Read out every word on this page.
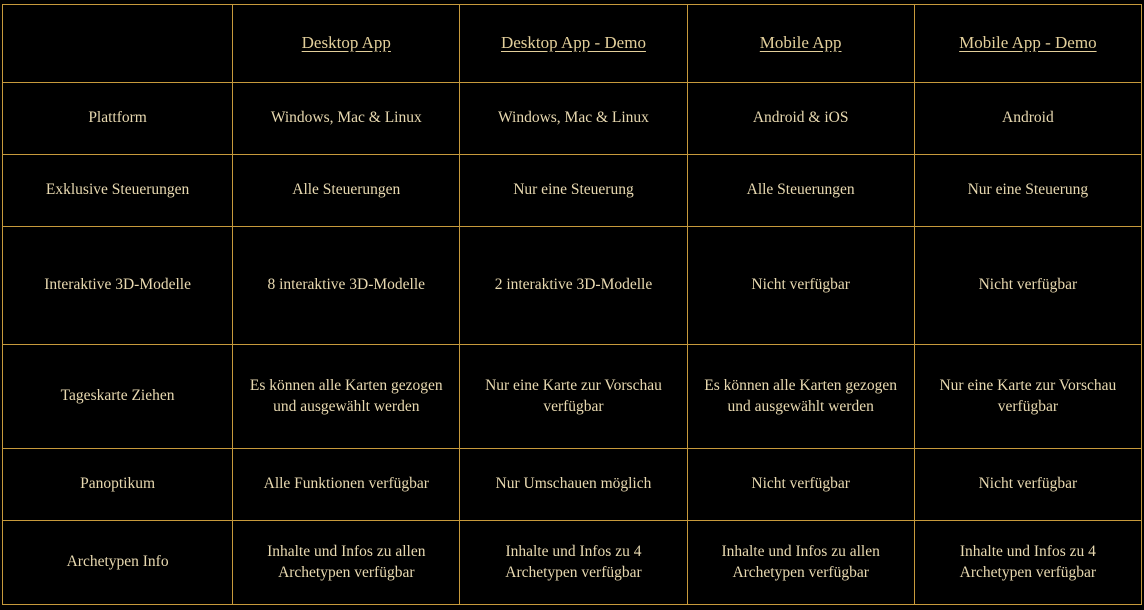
	Desktop App	Desktop App - Demo	Mobile App	Mobile App - Demo
Plattform	Windows, Mac & Linux	Windows, Mac & Linux	Android & iOS	Android
Exklusive Steuerungen	Alle Steuerungen	Nur eine Steuerung	Alle Steuerungen	Nur eine Steuerung
Interaktive 3D-Modelle	8 interaktive 3D-Modelle	2 interaktive 3D-Modelle	Nicht verfügbar	Nicht verfügbar
Tageskarte Ziehen	Es können alle Karten gezogen und ausgewählt werden	Nur eine Karte zur Vorschau verfügbar	Es können alle Karten gezogen und ausgewählt werden	Nur eine Karte zur Vorschau verfügbar
Panoptikum	Alle Funktionen verfügbar	Nur Umschauen möglich	Nicht verfügbar	Nicht verfügbar
Archetypen Info	Inhalte und Infos zu allen Archetypen verfügbar	Inhalte und Infos zu 4 Archetypen verfügbar	Inhalte und Infos zu allen Archetypen verfügbar	Inhalte und Infos zu 4 Archetypen verfügbar
